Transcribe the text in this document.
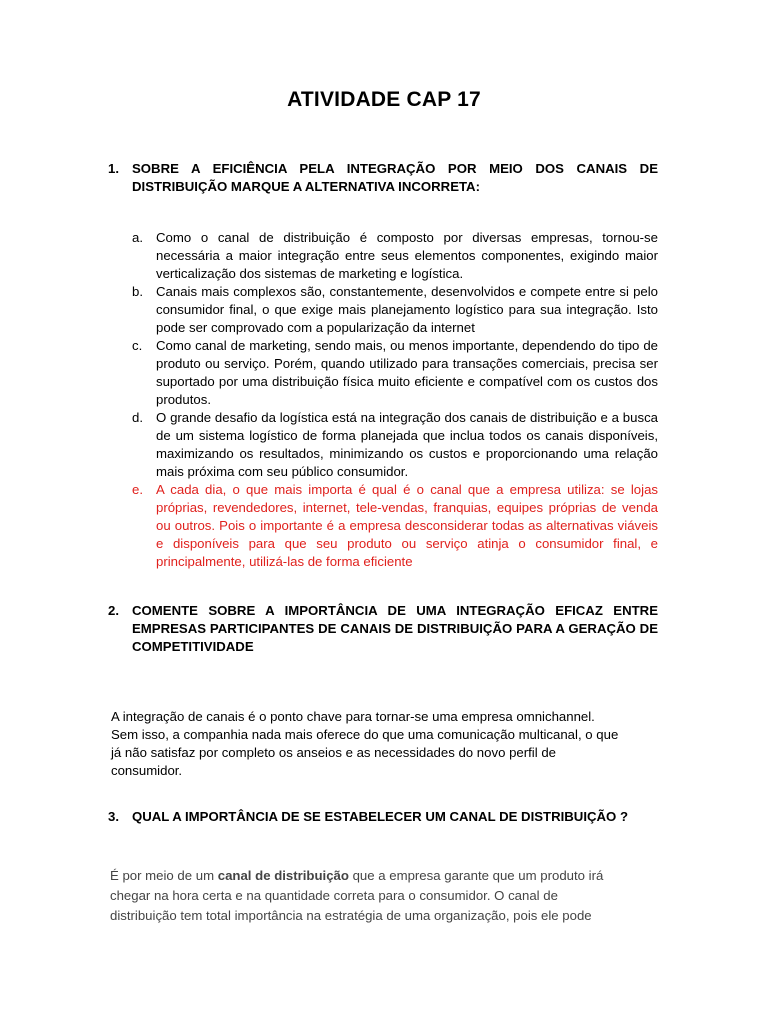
ATIVIDADE CAP 17
1. SOBRE A EFICIÊNCIA PELA INTEGRAÇÃO POR MEIO DOS CANAIS DE DISTRIBUIÇÃO MARQUE A ALTERNATIVA INCORRETA:
a. Como o canal de distribuição é composto por diversas empresas, tornou-se necessária a maior integração entre seus elementos componentes, exigindo maior verticalização dos sistemas de marketing e logística.
b. Canais mais complexos são, constantemente, desenvolvidos e compete entre si pelo consumidor final, o que exige mais planejamento logístico para sua integração. Isto pode ser comprovado com a popularização da internet
c. Como canal de marketing, sendo mais, ou menos importante, dependendo do tipo de produto ou serviço. Porém, quando utilizado para transações comerciais, precisa ser suportado por uma distribuição física muito eficiente e compatível com os custos dos produtos.
d. O grande desafio da logística está na integração dos canais de distribuição e a busca de um sistema logístico de forma planejada que inclua todos os canais disponíveis, maximizando os resultados, minimizando os custos e proporcionando uma relação mais próxima com seu público consumidor.
e. A cada dia, o que mais importa é qual é o canal que a empresa utiliza: se lojas próprias, revendedores, internet, tele-vendas, franquias, equipes próprias de venda ou outros. Pois o importante é a empresa desconsiderar todas as alternativas viáveis e disponíveis para que seu produto ou serviço atinja o consumidor final, e principalmente, utilizá-las de forma eficiente
2. COMENTE SOBRE A IMPORTÂNCIA DE UMA INTEGRAÇÃO EFICAZ ENTRE EMPRESAS PARTICIPANTES DE CANAIS DE DISTRIBUIÇÃO PARA A GERAÇÃO DE COMPETITIVIDADE
A integração de canais é o ponto chave para tornar-se uma empresa omnichannel.
Sem isso, a companhia nada mais oferece do que uma comunicação multicanal, o que
já não satisfaz por completo os anseios e as necessidades do novo perfil de
consumidor.
3. QUAL A IMPORTÂNCIA DE SE ESTABELECER UM CANAL DE DISTRIBUIÇÃO ?
É por meio de um canal de distribuição que a empresa garante que um produto irá
chegar na hora certa e na quantidade correta para o consumidor. O canal de
distribuição tem total importância na estratégia de uma organização, pois ele pode
